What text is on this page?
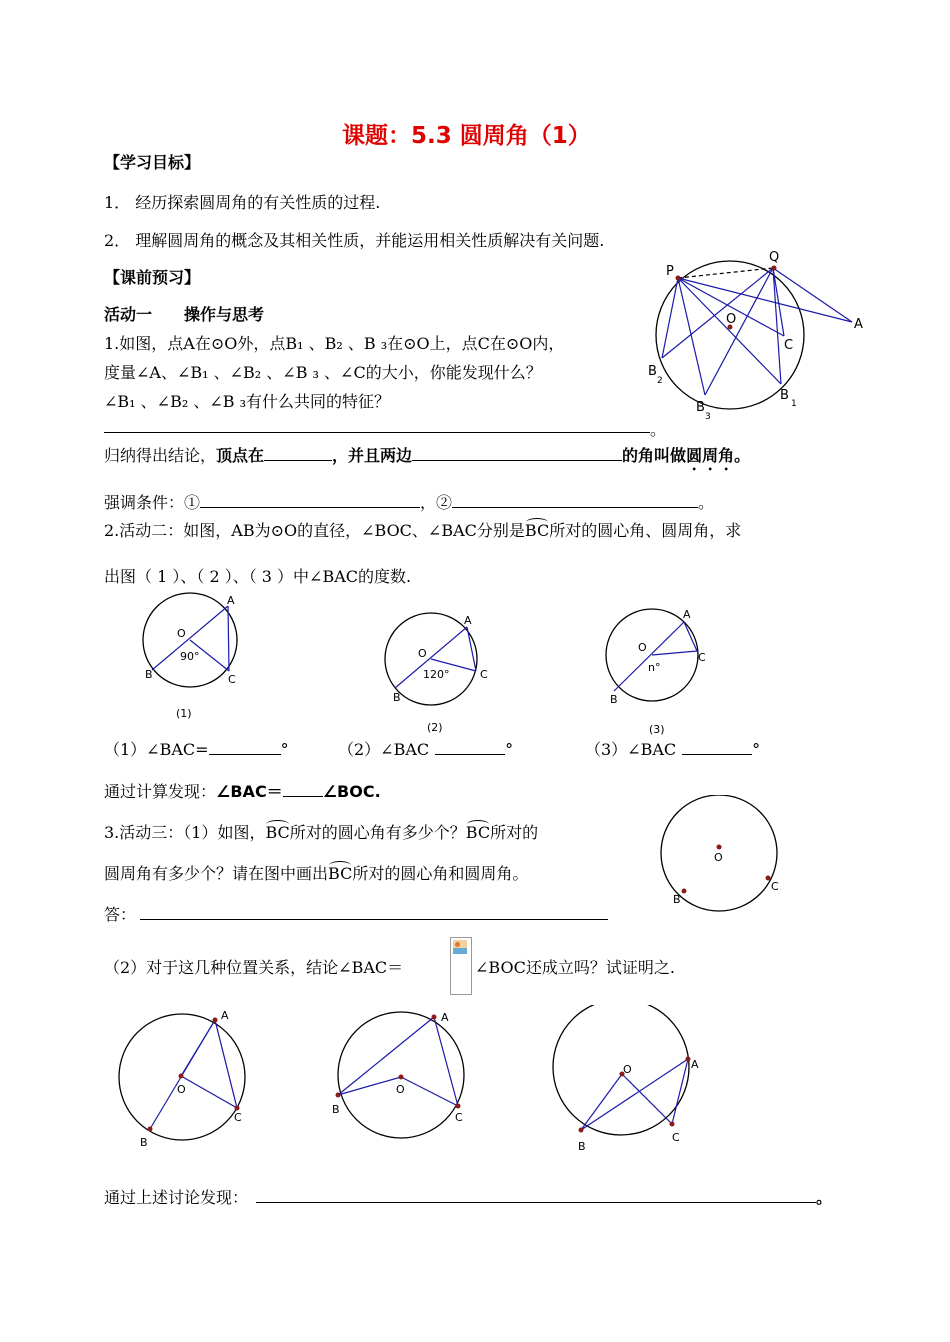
课题：5.3 圆周角（1）
【学习目标】
1． 经历探索圆周角的有关性质的过程.
2． 理解圆周角的概念及其相关性质，并能运用相关性质解决有关问题.
【课前预习】
活动一　　操作与思考
1.如图，点A在⊙O外，点B₁ 、B₂ 、B ₃在⊙O上，点C在⊙O内，
度量∠A、∠B₁ 、∠B₂ 、∠B ₃ 、∠C的大小，你能发现什么？
∠B₁ 、∠B₂ 、∠B ₃有什么共同的特征？
。
P
Q
A
O
C
B
1
B
2
B
3
归纳得出结论，顶点在	，并且两边	的角叫做圆周角。
强调条件：①	，②	。
2.活动二：如图，AB为⊙O的直径，∠BOC、∠BAC分别是BC所对的圆心角、圆周角，求
出图（ 1 ）、（ 2 ）、（ 3 ）中∠BAC的度数.
O
A
B	C
90°
(1)
O
A
B
C
120°
(2)
O
A
B
C
n°
(3)
（1）∠BAC=	°	（2）∠BAC	°	（3）∠BAC	°
通过计算发现：∠BAC＝	∠BOC.
3.活动三：（1）如图，BC所对的圆心角有多少个？BC所对的
圆周角有多少个？请在图中画出BC所对的圆心角和圆周角。
答：
O
B
C
（2）对于这几种位置关系，结论∠BAC＝	∠BOC还成立吗？试证明之.
A
O
C
B
A
O
B
C
O	A
B
C
通过上述讨论发现：	。
